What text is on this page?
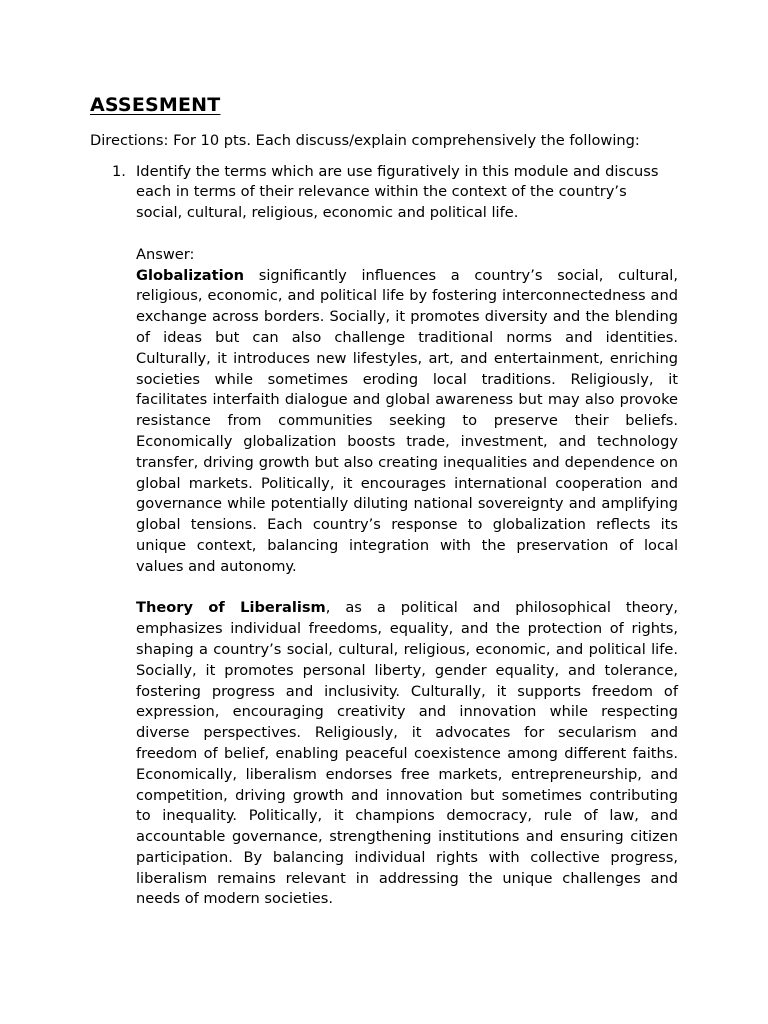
ASSESMENT

Directions: For 10 pts. Each discuss/explain comprehensively the following:

1. Identify the terms which are use figuratively in this module and discuss each in terms of their relevance within the context of the country’s social, cultural, religious, economic and political life.

Answer:

Globalization significantly influences a country’s social, cultural, religious, economic, and political life by fostering interconnectedness and exchange across borders. Socially, it promotes diversity and the blending of ideas but can also challenge traditional norms and identities. Culturally, it introduces new lifestyles, art, and entertainment, enriching societies while sometimes eroding local traditions. Religiously, it facilitates interfaith dialogue and global awareness but may also provoke resistance from communities seeking to preserve their beliefs. Economically globalization boosts trade, investment, and technology transfer, driving growth but also creating inequalities and dependence on global markets. Politically, it encourages international cooperation and governance while potentially diluting national sovereignty and amplifying global tensions. Each country’s response to globalization reflects its unique context, balancing integration with the preservation of local values and autonomy.

Theory of Liberalism, as a political and philosophical theory, emphasizes individual freedoms, equality, and the protection of rights, shaping a country’s social, cultural, religious, economic, and political life. Socially, it promotes personal liberty, gender equality, and tolerance, fostering progress and inclusivity. Culturally, it supports freedom of expression, encouraging creativity and innovation while respecting diverse perspectives. Religiously, it advocates for secularism and freedom of belief, enabling peaceful coexistence among different faiths. Economically, liberalism endorses free markets, entrepreneurship, and competition, driving growth and innovation but sometimes contributing to inequality. Politically, it champions democracy, rule of law, and accountable governance, strengthening institutions and ensuring citizen participation. By balancing individual rights with collective progress, liberalism remains relevant in addressing the unique challenges and needs of modern societies.
